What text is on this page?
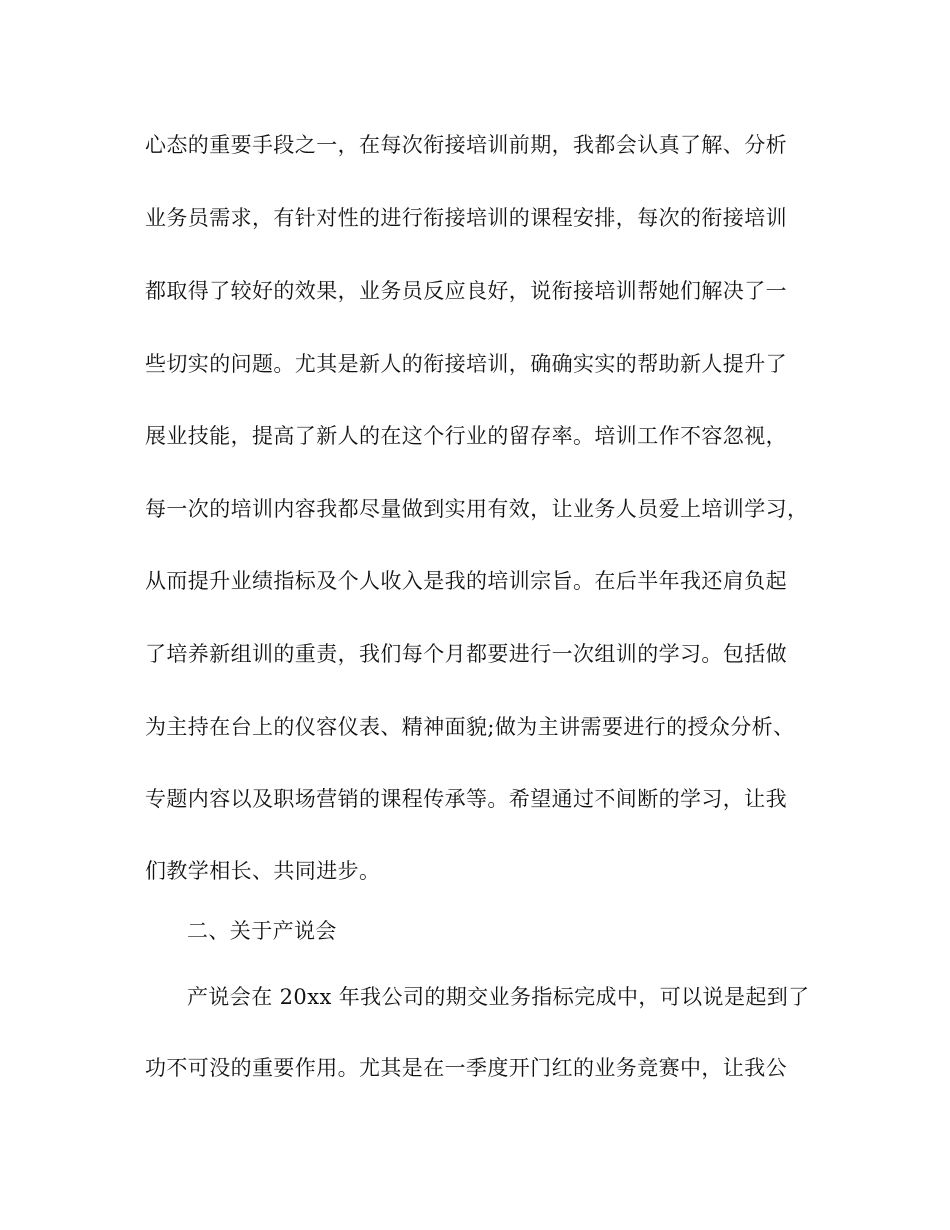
心态的重要手段之一，在每次衔接培训前期，我都会认真了解、分析
业务员需求，有针对性的进行衔接培训的课程安排，每次的衔接培训
都取得了较好的效果，业务员反应良好，说衔接培训帮她们解决了一
些切实的问题。尤其是新人的衔接培训，确确实实的帮助新人提升了
展业技能，提高了新人的在这个行业的留存率。培训工作不容忽视，
每一次的培训内容我都尽量做到实用有效，让业务人员爱上培训学习，
从而提升业绩指标及个人收入是我的培训宗旨。在后半年我还肩负起
了培养新组训的重责，我们每个月都要进行一次组训的学习。包括做
为主持在台上的仪容仪表、精神面貌;做为主讲需要进行的授众分析、
专题内容以及职场营销的课程传承等。希望通过不间断的学习，让我
们教学相长、共同进步。
二、关于产说会
产说会在 20xx 年我公司的期交业务指标完成中，可以说是起到了
功不可没的重要作用。尤其是在一季度开门红的业务竞赛中，让我公
